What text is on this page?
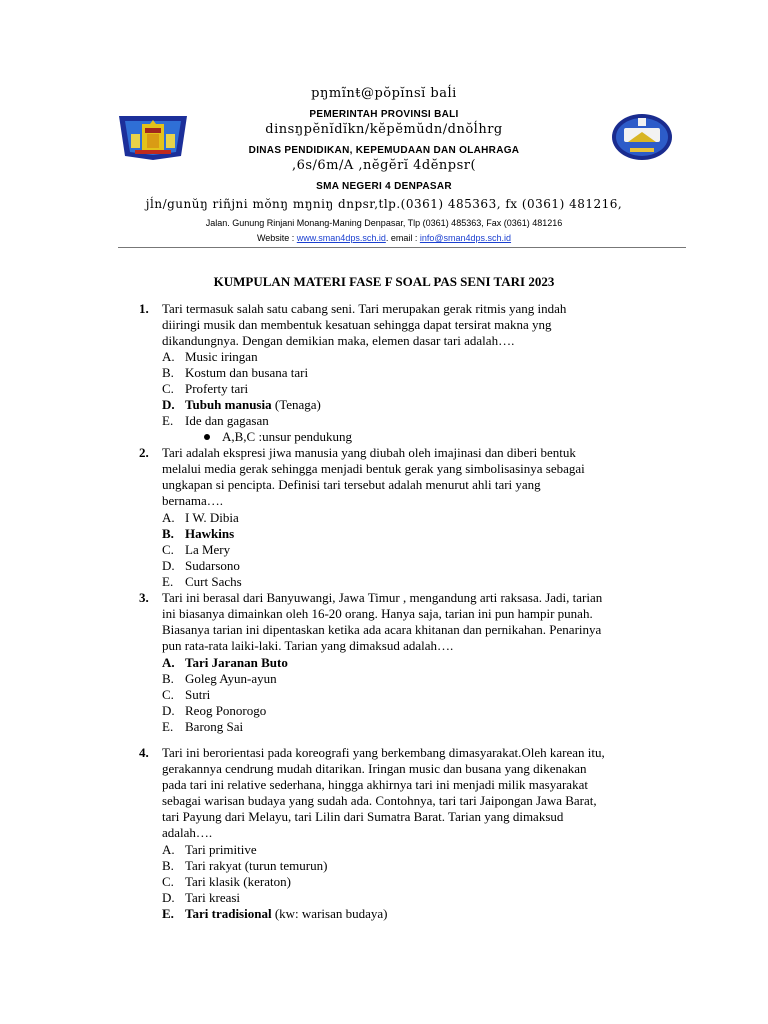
pŋmĩnŧ@pŏpĭnsĭ baĺi
PEMERINTAH PROVINSI BALI
dinsŋpĕnĭdĭkn/kĕpĕmŭdn/dnŏĺhrg
DINAS PENDIDIKAN, KEPEMUDAAN DAN OLAHRAGA
,6s/6m/A ,nĕgĕrĭ 4dĕnpsr(
SMA NEGERI 4 DENPASAR
jĺn/gunŭŋ riñjni mŏnŋ mŋniŋ dnpsr,tlp.(0361) 485363, fx (0361) 481216,
Jalan. Gunung Rinjani Monang-Maning Denpasar, Tlp (0361) 485363, Fax (0361) 481216
Website : www.sman4dps.sch.id. email : info@sman4dps.sch.id
KUMPULAN MATERI FASE F SOAL PAS SENI TARI 2023
1. Tari termasuk salah satu cabang seni. Tari merupakan gerak ritmis yang indah
diiringi musik dan membentuk kesatuan sehingga dapat tersirat makna yng
dikandungnya. Dengan demikian maka, elemen dasar tari adalah….
A. Music iringan
B. Kostum dan busana tari
C. Proferty tari
D. Tubuh manusia (Tenaga)
E. Ide dan gagasan
A,B,C :unsur pendukung
2. Tari adalah ekspresi jiwa manusia yang diubah oleh imajinasi dan diberi bentuk
melalui media gerak sehingga menjadi bentuk gerak yang simbolisasinya sebagai
ungkapan si pencipta. Definisi tari tersebut adalah menurut ahli tari yang
bernama….
A. I W. Dibia
B. Hawkins
C. La Mery
D. Sudarsono
E. Curt Sachs
3. Tari ini berasal dari Banyuwangi, Jawa Timur , mengandung arti raksasa. Jadi, tarian
ini biasanya dimainkan oleh 16-20 orang. Hanya saja, tarian ini pun hampir punah.
Biasanya tarian ini dipentaskan ketika ada acara khitanan dan pernikahan. Penarinya
pun rata-rata laiki-laki. Tarian yang dimaksud adalah….
A. Tari Jaranan Buto
B. Goleg Ayun-ayun
C. Sutri
D. Reog Ponorogo
E. Barong Sai
4. Tari ini berorientasi pada koreografi yang berkembang dimasyarakat.Oleh karean itu,
gerakannya cendrung mudah ditarikan. Iringan music dan busana yang dikenakan
pada tari ini relative sederhana, hingga akhirnya tari ini menjadi milik masyarakat
sebagai warisan budaya yang sudah ada. Contohnya, tari tari Jaipongan Jawa Barat,
tari Payung dari Melayu, tari Lilin dari Sumatra Barat. Tarian yang dimaksud
adalah….
A. Tari primitive
B. Tari rakyat (turun temurun)
C. Tari klasik (keraton)
D. Tari kreasi
E. Tari tradisional (kw: warisan budaya)
